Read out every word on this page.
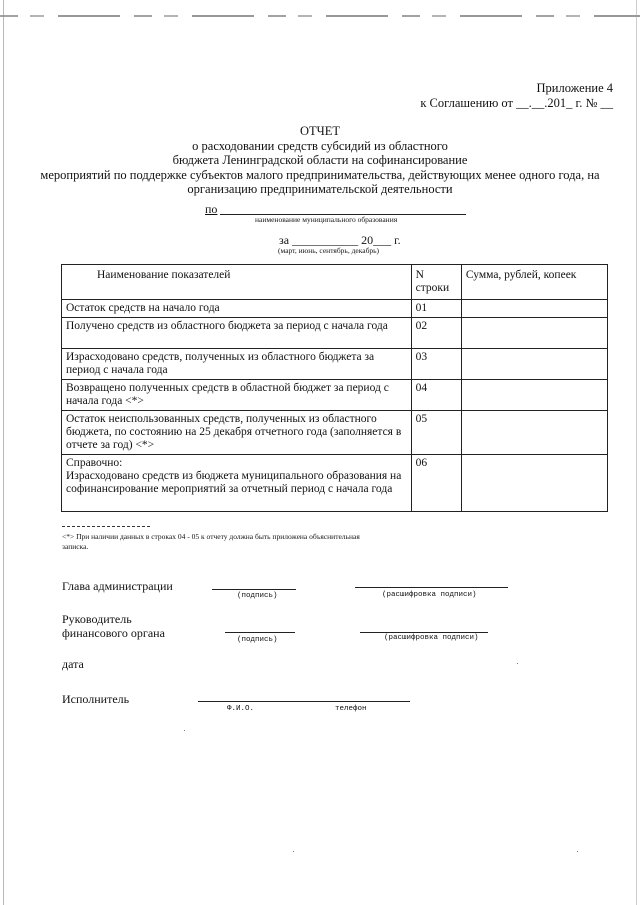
Приложение 4
к Соглашению от __.__.201_ г. № __
ОТЧЕТ
о расходовании средств субсидий из областного
бюджета Ленинградской области на софинансирование
мероприятий по поддержке субъектов малого предпринимательства, действующих менее одного года, на
организацию предпринимательской деятельности
по
наименование муниципального образования
за ___________ 20___ г.
(март, июнь, сентябрь, декабрь)
Наименование показателей	N строки	Сумма, рублей, копеек
Остаток средств на начало года	01	
Получено средств из областного бюджета за период с начала года	02	
Израсходовано средств, полученных из областного бюджета за период с начала года	03	
Возвращено полученных средств в областной бюджет за период с начала года <*>	04	
Остаток неиспользованных средств, полученных из областного бюджета, по состоянию на 25 декабря отчетного года (заполняется в отчете за год) <*>	05	
Справочно:
Израсходовано средств из бюджета муниципального образования на софинансирование мероприятий за отчетный период с начала года	06	
<*> При наличии данных в строках 04 - 05 к отчету должна быть приложена объяснительная записка.
Глава администрации
(подпись)	(расшифровка подписи)
Руководитель
финансового органа	(подпись)	(расшифровка подписи)
дата
Исполнитель
Ф.И.О.	телефон
